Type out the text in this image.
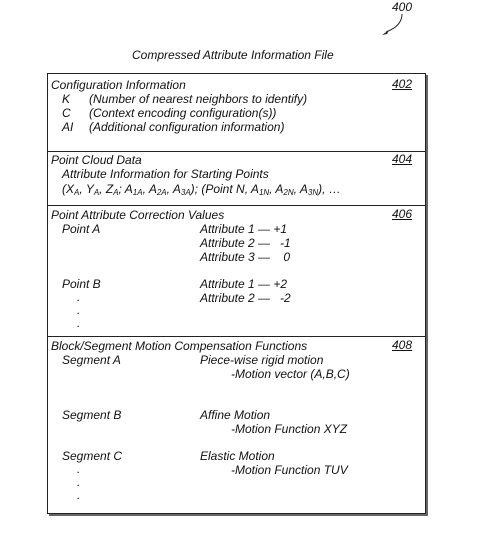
400
Compressed Attribute Information File
Configuration Information	402
K (Number of nearest neighbors to identify)
C (Context encoding configuration(s))
AI (Additional configuration information)
Point Cloud Data	404
Attribute Information for Starting Points
($X_A$, $Y_A$, $Z_A$; $A_{1A}$, $A_{2A}$, $A_{3A}$); (Point N, $A_{1N}$, $A_{2N}$, $A_{3N}$), …
Point Attribute Correction Values	406
Point A	Attribute 1 — +1
Attribute 2 —   -1
Attribute 3 —    0
Point B	Attribute 1 — +2
Attribute 2 —   -2
.
.
.
Block/Segment Motion Compensation Functions	408
Segment A	Piece-wise rigid motion
-Motion vector (A,B,C)
Segment B	Affine Motion
-Motion Function XYZ
Segment C	Elastic Motion
-Motion Function TUV
.
.
.
